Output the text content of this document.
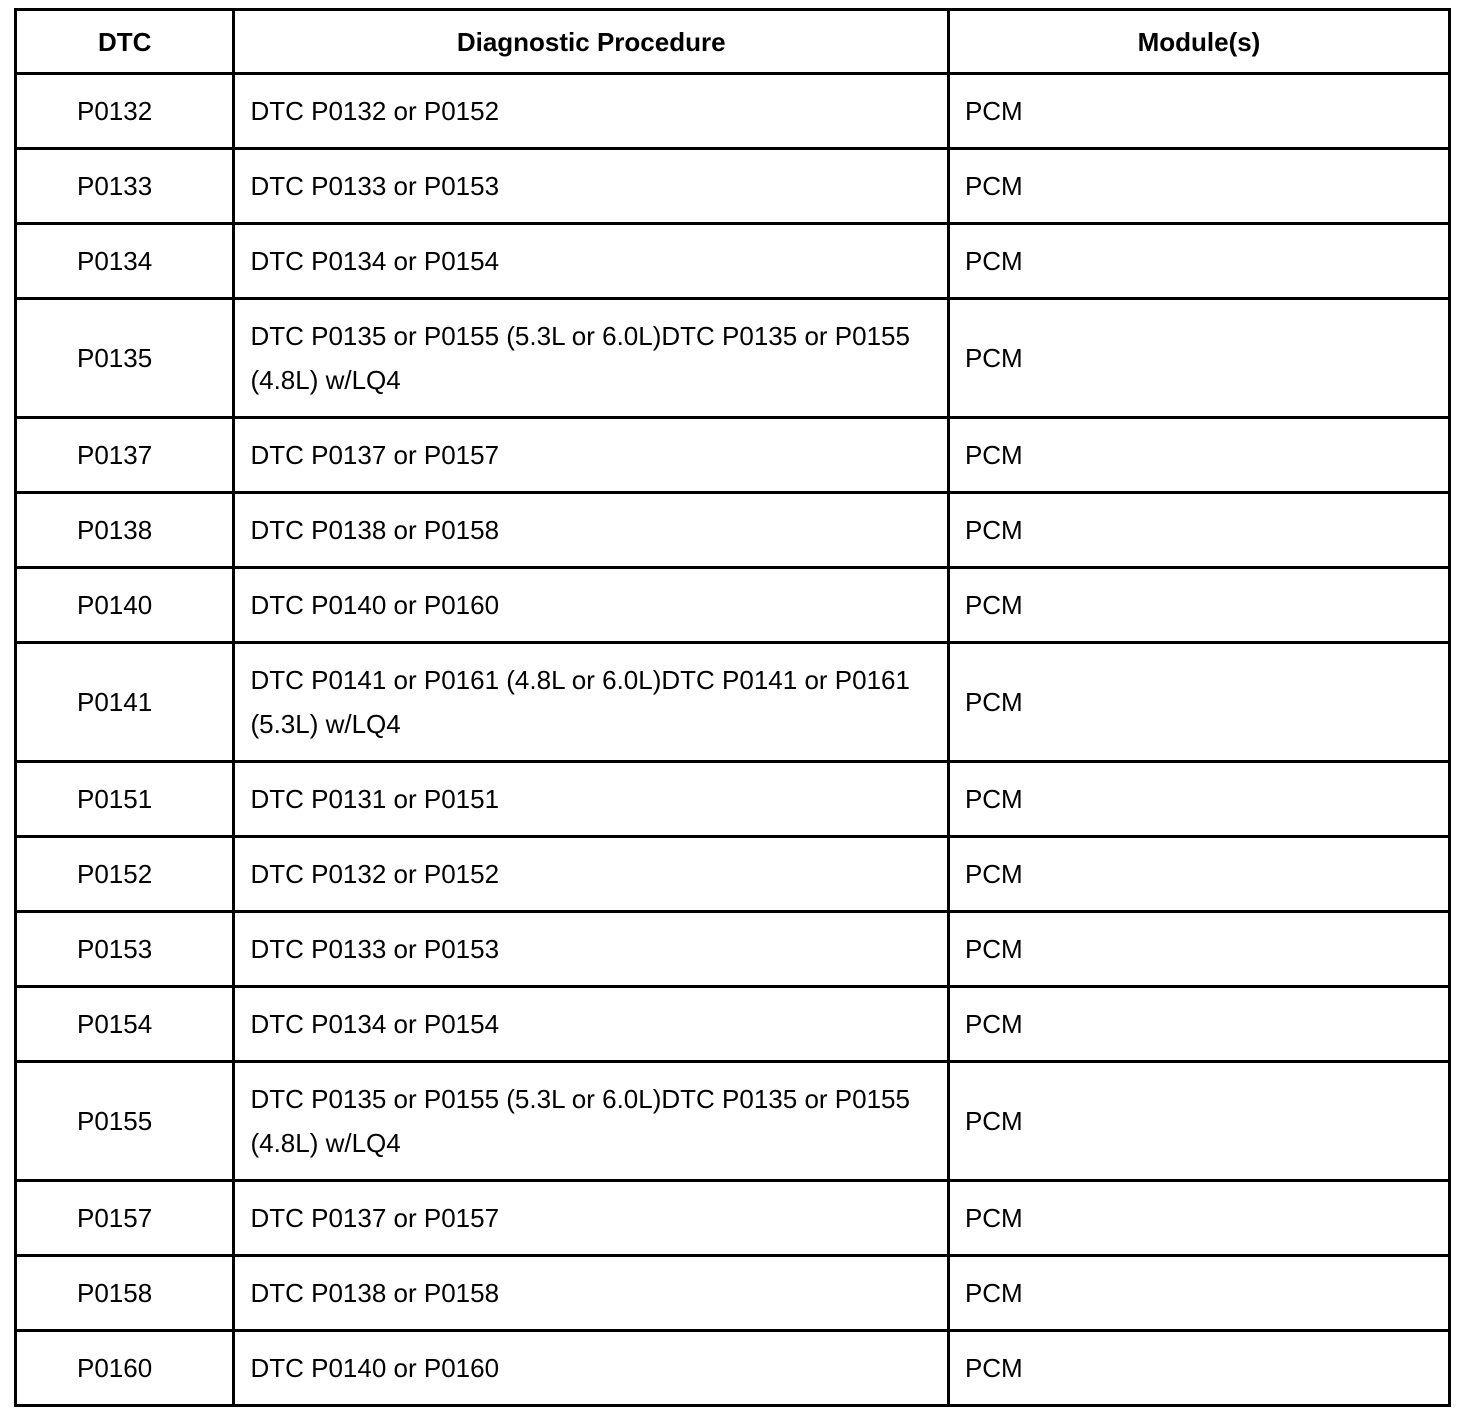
DTC	Diagnostic Procedure	Module(s)
P0132	DTC P0132 or P0152	PCM
P0133	DTC P0133 or P0153	PCM
P0134	DTC P0134 or P0154	PCM
P0135	DTC P0135 or P0155 (5.3L or 6.0L)DTC P0135 or P0155 (4.8L) w/LQ4	PCM
P0137	DTC P0137 or P0157	PCM
P0138	DTC P0138 or P0158	PCM
P0140	DTC P0140 or P0160	PCM
P0141	DTC P0141 or P0161 (4.8L or 6.0L)DTC P0141 or P0161 (5.3L) w/LQ4	PCM
P0151	DTC P0131 or P0151	PCM
P0152	DTC P0132 or P0152	PCM
P0153	DTC P0133 or P0153	PCM
P0154	DTC P0134 or P0154	PCM
P0155	DTC P0135 or P0155 (5.3L or 6.0L)DTC P0135 or P0155 (4.8L) w/LQ4	PCM
P0157	DTC P0137 or P0157	PCM
P0158	DTC P0138 or P0158	PCM
P0160	DTC P0140 or P0160	PCM
